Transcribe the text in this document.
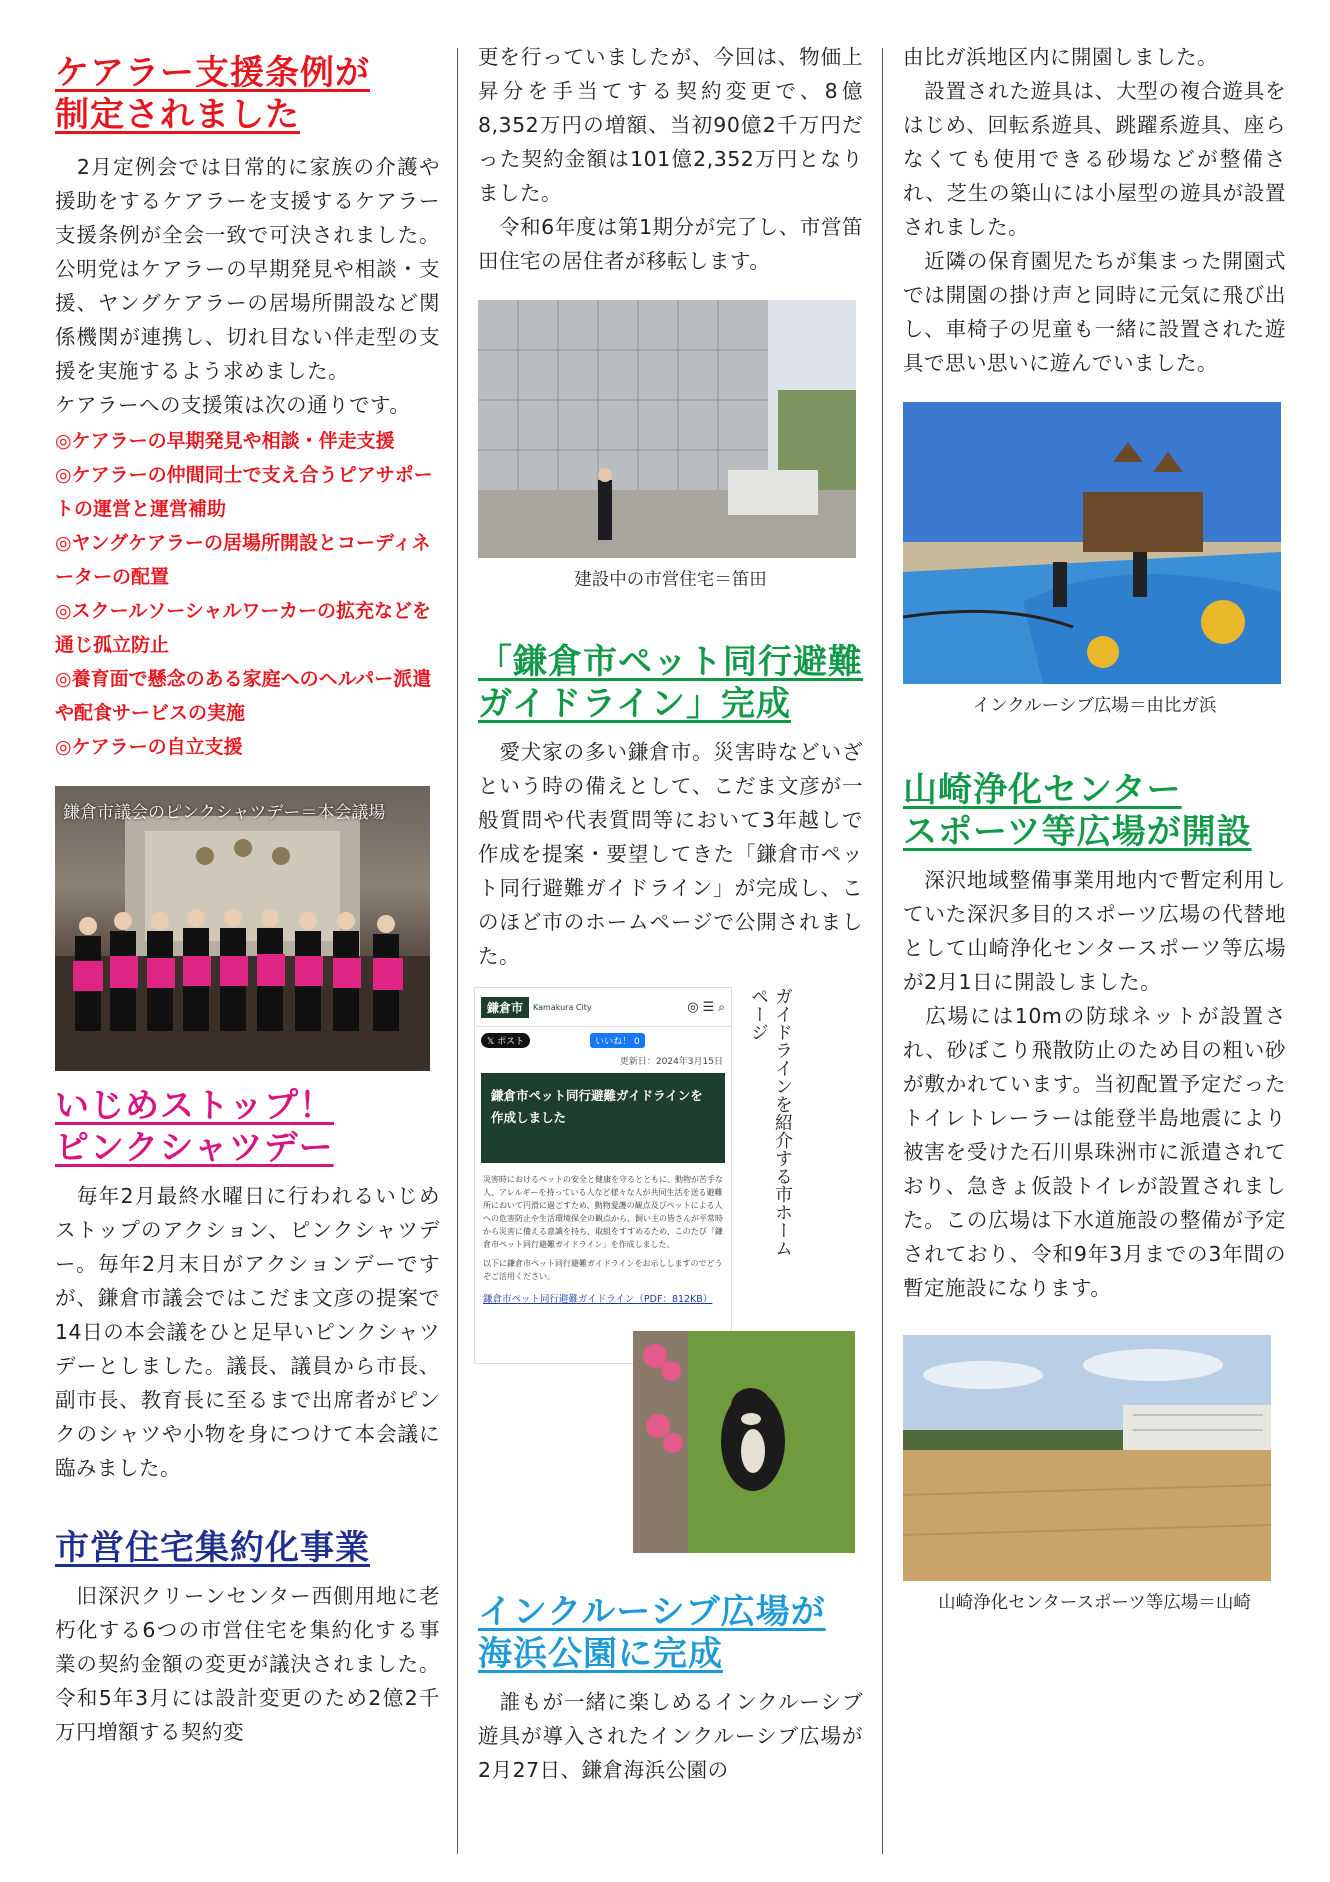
ケアラー支援条例が
制定されました

　2月定例会では日常的に家族の介護や援助をするケアラーを支援するケアラー支援条例が全会一致で可決されました。公明党はケアラーの早期発見や相談・支援、ヤングケアラーの居場所開設など関係機関が連携し、切れ目ない伴走型の支援を実施するよう求めました。

ケアラーへの支援策は次の通りです。

◎ケアラーの早期発見や相談・伴走支援
◎ケアラーの仲間同士で支え合うピアサポートの運営と運営補助
◎ヤングケアラーの居場所開設とコーディネーターの配置
◎スクールソーシャルワーカーの拡充などを通じ孤立防止
◎養育面で懸念のある家庭へのヘルパー派遣や配食サービスの実施
◎ケアラーの自立支援
鎌倉市議会のピンクシャツデー＝本会議場
いじめストップ！
ピンクシャツデー

　毎年2月最終水曜日に行われるいじめストップのアクション、ピンクシャツデー。毎年2月末日がアクションデーですが、鎌倉市議会ではこだま文彦の提案で14日の本会議をひと足早いピンクシャツデーとしました。議長、議員から市長、副市長、教育長に至るまで出席者がピンクのシャツや小物を身につけて本会議に臨みました。

市営住宅集約化事業

　旧深沢クリーンセンター西側用地に老朽化する6つの市営住宅を集約化する事業の契約金額の変更が議決されました。令和5年3月には設計変更のため2億2千万円増額する契約変

更を行っていましたが、今回は、物価上昇分を手当てする契約変更で、8億8,352万円の増額、当初90億2千万円だった契約金額は101億2,352万円となりました。

　令和6年度は第1期分が完了し、市営笛田住宅の居住者が移転します。

建設中の市営住宅＝笛田
「鎌倉市ペット同行避難
ガイドライン」完成

　愛犬家の多い鎌倉市。災害時などいざという時の備えとして、こだま文彦が一般質問や代表質問等において3年越しで作成を提案・要望してきた「鎌倉市ペット同行避難ガイドライン」が完成し、このほど市のホームページで公開されました。

鎌倉市	Kamakura City	◎ ☰ ⌕
𝕏 ポスト	いいね！ 0
更新日：2024年3月15日
鎌倉市ペット同行避難ガイドラインを作成しました
災害時におけるペットの安全と健康を守るとともに、動物が苦手な人、アレルギーを持っている人など様々な人が共同生活を送る避難所において円滑に過ごすため、動物愛護の観点及びペットによる人への危害防止や生活環境保全の観点から、飼い主の皆さんが平常時から災害に備える意識を持ち、取組をすすめるため、このたび「鎌倉市ペット同行避難ガイドライン」を作成しました。
以下に鎌倉市ペット同行避難ガイドラインをお示ししますのでどうぞご活用ください。
鎌倉市ペット同行避難ガイドライン（PDF：812KB）
ガイドラインを紹介する市ホームページ
インクルーシブ広場が
海浜公園に完成

　誰もが一緒に楽しめるインクルーシブ遊具が導入されたインクルーシブ広場が2月27日、鎌倉海浜公園の

由比ガ浜地区内に開園しました。

　設置された遊具は、大型の複合遊具をはじめ、回転系遊具、跳躍系遊具、座らなくても使用できる砂場などが整備され、芝生の築山には小屋型の遊具が設置されました。

　近隣の保育園児たちが集まった開園式では開園の掛け声と同時に元気に飛び出し、車椅子の児童も一緒に設置された遊具で思い思いに遊んでいました。

インクルーシブ広場＝由比ガ浜
山崎浄化センター
スポーツ等広場が開設

　深沢地域整備事業用地内で暫定利用していた深沢多目的スポーツ広場の代替地として山崎浄化センタースポーツ等広場が2月1日に開設しました。

　広場には10mの防球ネットが設置され、砂ぼこり飛散防止のため目の粗い砂が敷かれています。当初配置予定だったトイレトレーラーは能登半島地震により被害を受けた石川県珠洲市に派遣されており、急きょ仮設トイレが設置されました。この広場は下水道施設の整備が予定されており、令和9年3月までの3年間の暫定施設になります。

山崎浄化センタースポーツ等広場＝山崎
